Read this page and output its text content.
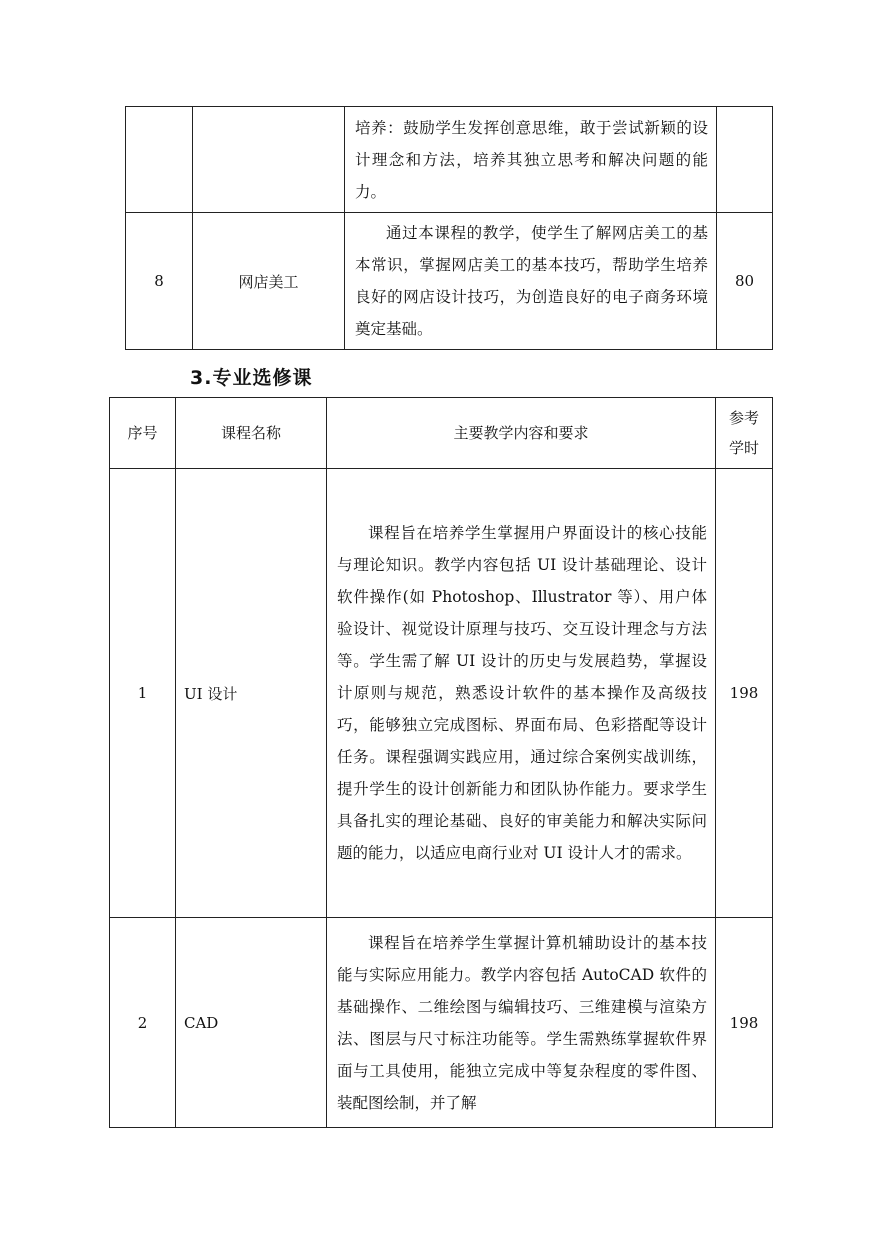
		培养：鼓励学生发挥创意思维，敢于尝试新颖的设计理念和方法，培养其独立思考和解决问题的能力。	

8	网店美工	通过本课程的教学，使学生了解网店美工的基本常识，掌握网店美工的基本技巧，帮助学生培养良好的网店设计技巧，为创造良好的电子商务环境奠定基础。	80
3.专业选修课
序号	课程名称	主要教学内容和要求	参考
学时

1	UI 设计	课程旨在培养学生掌握用户界面设计的核心技能与理论知识。教学内容包括 UI 设计基础理论、设计软件操作(如 Photoshop、Illustrator 等）、用户体验设计、视觉设计原理与技巧、交互设计理念与方法等。学生需了解 UI 设计的历史与发展趋势，掌握设计原则与规范，熟悉设计软件的基本操作及高级技巧，能够独立完成图标、界面布局、色彩搭配等设计任务。课程强调实践应用，通过综合案例实战训练，提升学生的设计创新能力和团队协作能力。要求学生具备扎实的理论基础、良好的审美能力和解决实际问题的能力，以适应电商行业对 UI 设计人才的需求。	198
2	CAD	课程旨在培养学生掌握计算机辅助设计的基本技能与实际应用能力。教学内容包括 AutoCAD 软件的基础操作、二维绘图与编辑技巧、三维建模与渲染方法、图层与尺寸标注功能等。学生需熟练掌握软件界面与工具使用，能独立完成中等复杂程度的零件图、装配图绘制，并了解	198
